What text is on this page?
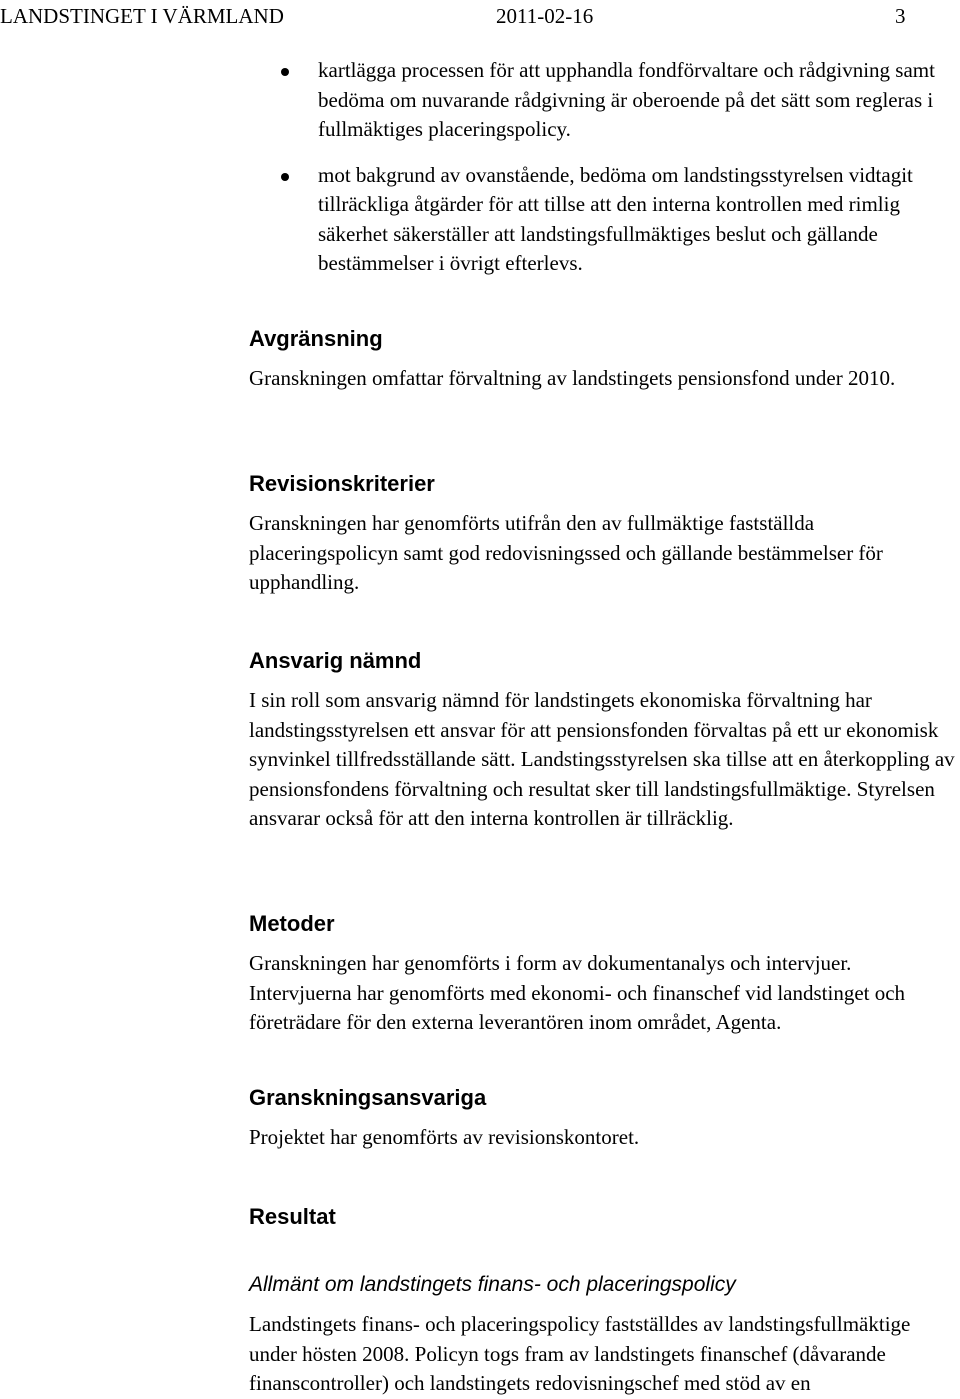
LANDSTINGET I VÄRMLAND	2011-02-16	3
kartlägga processen för att upphandla fondförvaltare och rådgivning samt bedöma om nuvarande rådgivning är oberoende på det sätt som regleras i fullmäktiges placeringspolicy.
mot bakgrund av ovanstående, bedöma om landstingsstyrelsen vidtagit tillräckliga åtgärder för att tillse att den interna kontrollen med rimlig säkerhet säkerställer att landstingsfullmäktiges beslut och gällande bestämmelser i övrigt efterlevs.
Avgränsning

Granskningen omfattar förvaltning av landstingets pensionsfond under 2010.

Revisionskriterier

Granskningen har genomförts utifrån den av fullmäktige fastställda placeringspolicyn samt god redovisningssed och gällande bestämmelser för upphandling.

Ansvarig nämnd

I sin roll som ansvarig nämnd för landstingets ekonomiska förvaltning har landstingsstyrelsen ett ansvar för att pensionsfonden förvaltas på ett ur ekonomisk synvinkel tillfredsställande sätt. Landstingsstyrelsen ska tillse att en återkoppling av pensionsfondens förvaltning och resultat sker till landstingsfullmäktige. Styrelsen ansvarar också för att den interna kontrollen är tillräcklig.

Metoder

Granskningen har genomförts i form av dokumentanalys och intervjuer. Intervjuerna har genomförts med ekonomi- och finanschef vid landstinget och företrädare för den externa leverantören inom området, Agenta.

Granskningsansvariga

Projektet har genomförts av revisionskontoret.

Resultat
Allmänt om landstingets finans- och placeringspolicy

Landstingets finans- och placeringspolicy fastställdes av landstingsfullmäktige under hösten 2008. Policyn togs fram av landstingets finanschef (dåvarande finanscontroller) och landstingets redovisningschef med stöd av en
